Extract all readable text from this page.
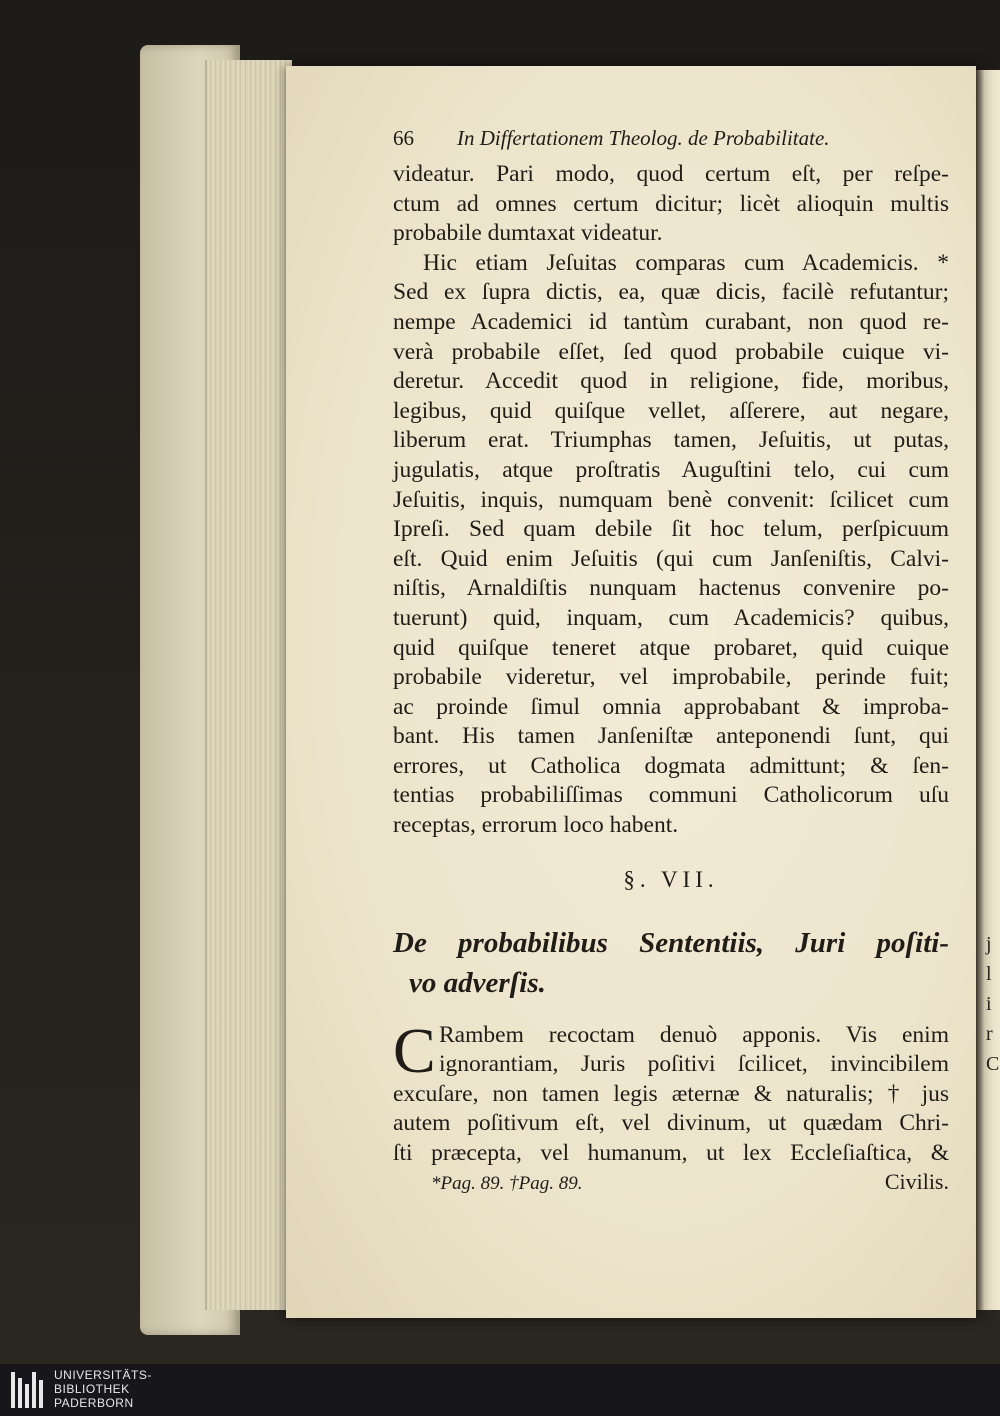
j
l
i
r
C
66	In Differtationem Theolog. de Probabilitate.
videatur. Pari modo, quod certum eſt, per reſpe-
ctum ad omnes certum dicitur; licèt alioquin multis
probabile dumtaxat videatur.
Hic etiam Jeſuitas comparas cum Academicis. *
Sed ex ſupra dictis, ea, quæ dicis, facilè refutantur;
nempe Academici id tantùm curabant, non quod re-
verà probabile eſſet, ſed quod probabile cuique vi-
deretur. Accedit quod in religione, fide, moribus,
legibus, quid quiſque vellet, aſſerere, aut negare,
liberum erat. Triumphas tamen, Jeſuitis, ut putas,
jugulatis, atque proſtratis Auguſtini telo, cui cum
Jeſuitis, inquis, numquam benè convenit: ſcilicet cum
Ipreſi. Sed quam debile ſit hoc telum, perſpicuum
eſt. Quid enim Jeſuitis (qui cum Janſeniſtis, Calvi-
niſtis, Arnaldiſtis nunquam hactenus convenire po-
tuerunt) quid, inquam, cum Academicis? quibus,
quid quiſque teneret atque probaret, quid cuique
probabile videretur, vel improbabile, perinde fuit;
ac proinde ſimul omnia approbabant & improba-
bant. His tamen Janſeniſtæ anteponendi ſunt, qui
errores, ut Catholica dogmata admittunt; & ſen-
tentias probabiliſſimas communi Catholicorum uſu
receptas, errorum loco habent.
§. VII.
De probabilibus Sententiis, Juri poſiti-
vo adverſis.
C Rambem recoctam denuò apponis. Vis enim
ignorantiam, Juris poſitivi ſcilicet, invincibilem
excuſare, non tamen legis æternæ & naturalis; † jus
autem poſitivum eſt, vel divinum, ut quædam Chri-
ſti præcepta, vel humanum, ut lex Eccleſiaſtica, &
*Pag. 89. †Pag. 89.	Civilis.
UNIVERSITÄTS-
BIBLIOTHEK
PADERBORN
